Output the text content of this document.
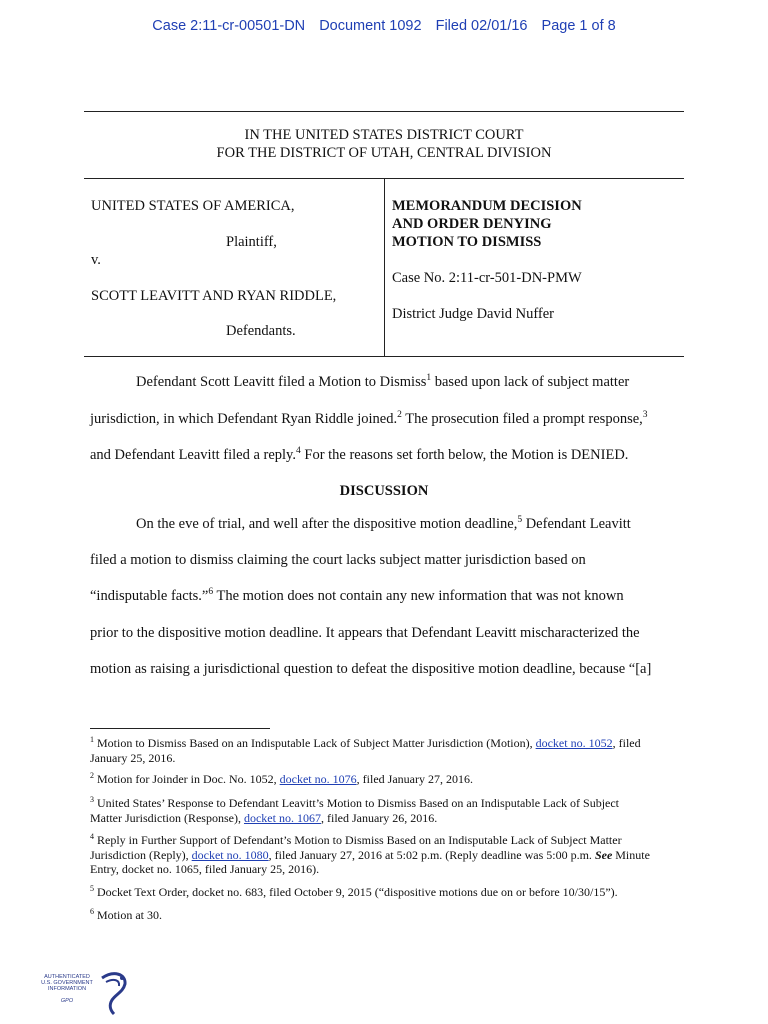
Case 2:11-cr-00501-DN Document 1092 Filed 02/01/16 Page 1 of 8
IN THE UNITED STATES DISTRICT COURT
FOR THE DISTRICT OF UTAH, CENTRAL DIVISION
UNITED STATES OF AMERICA,
Plaintiff,
v.
SCOTT LEAVITT AND RYAN RIDDLE,
Defendants.
MEMORANDUM DECISION
AND ORDER DENYING
MOTION TO DISMISS
Case No. 2:11-cr-501-DN-PMW
District Judge David Nuffer
Defendant Scott Leavitt filed a Motion to Dismiss$^1$ based upon lack of subject matter
jurisdiction, in which Defendant Ryan Riddle joined.$^2$ The prosecution filed a prompt response,$^3$
and Defendant Leavitt filed a reply.$^4$ For the reasons set forth below, the Motion is DENIED.
DISCUSSION
On the eve of trial, and well after the dispositive motion deadline,$^5$ Defendant Leavitt
filed a motion to dismiss claiming the court lacks subject matter jurisdiction based on
“indisputable facts.”$^6$ The motion does not contain any new information that was not known
prior to the dispositive motion deadline. It appears that Defendant Leavitt mischaracterized the
motion as raising a jurisdictional question to defeat the dispositive motion deadline, because “[a]
$^1$ Motion to Dismiss Based on an Indisputable Lack of Subject Matter Jurisdiction (Motion), docket no. 1052, filed
January 25, 2016.
$^2$ Motion for Joinder in Doc. No. 1052, docket no. 1076, filed January 27, 2016.
$^3$ United States’ Response to Defendant Leavitt’s Motion to Dismiss Based on an Indisputable Lack of Subject
Matter Jurisdiction (Response), docket no. 1067, filed January 26, 2016.
$^4$ Reply in Further Support of Defendant’s Motion to Dismiss Based on an Indisputable Lack of Subject Matter
Jurisdiction (Reply), docket no. 1080, filed January 27, 2016 at 5:02 p.m. (Reply deadline was 5:00 p.m. See Minute
Entry, docket no. 1065, filed January 25, 2016).
$^5$ Docket Text Order, docket no. 683, filed October 9, 2015 (“dispositive motions due on or before 10/30/15”).
$^6$ Motion at 30.
AUTHENTICATED
U.S. GOVERNMENT
INFORMATION
GPO
